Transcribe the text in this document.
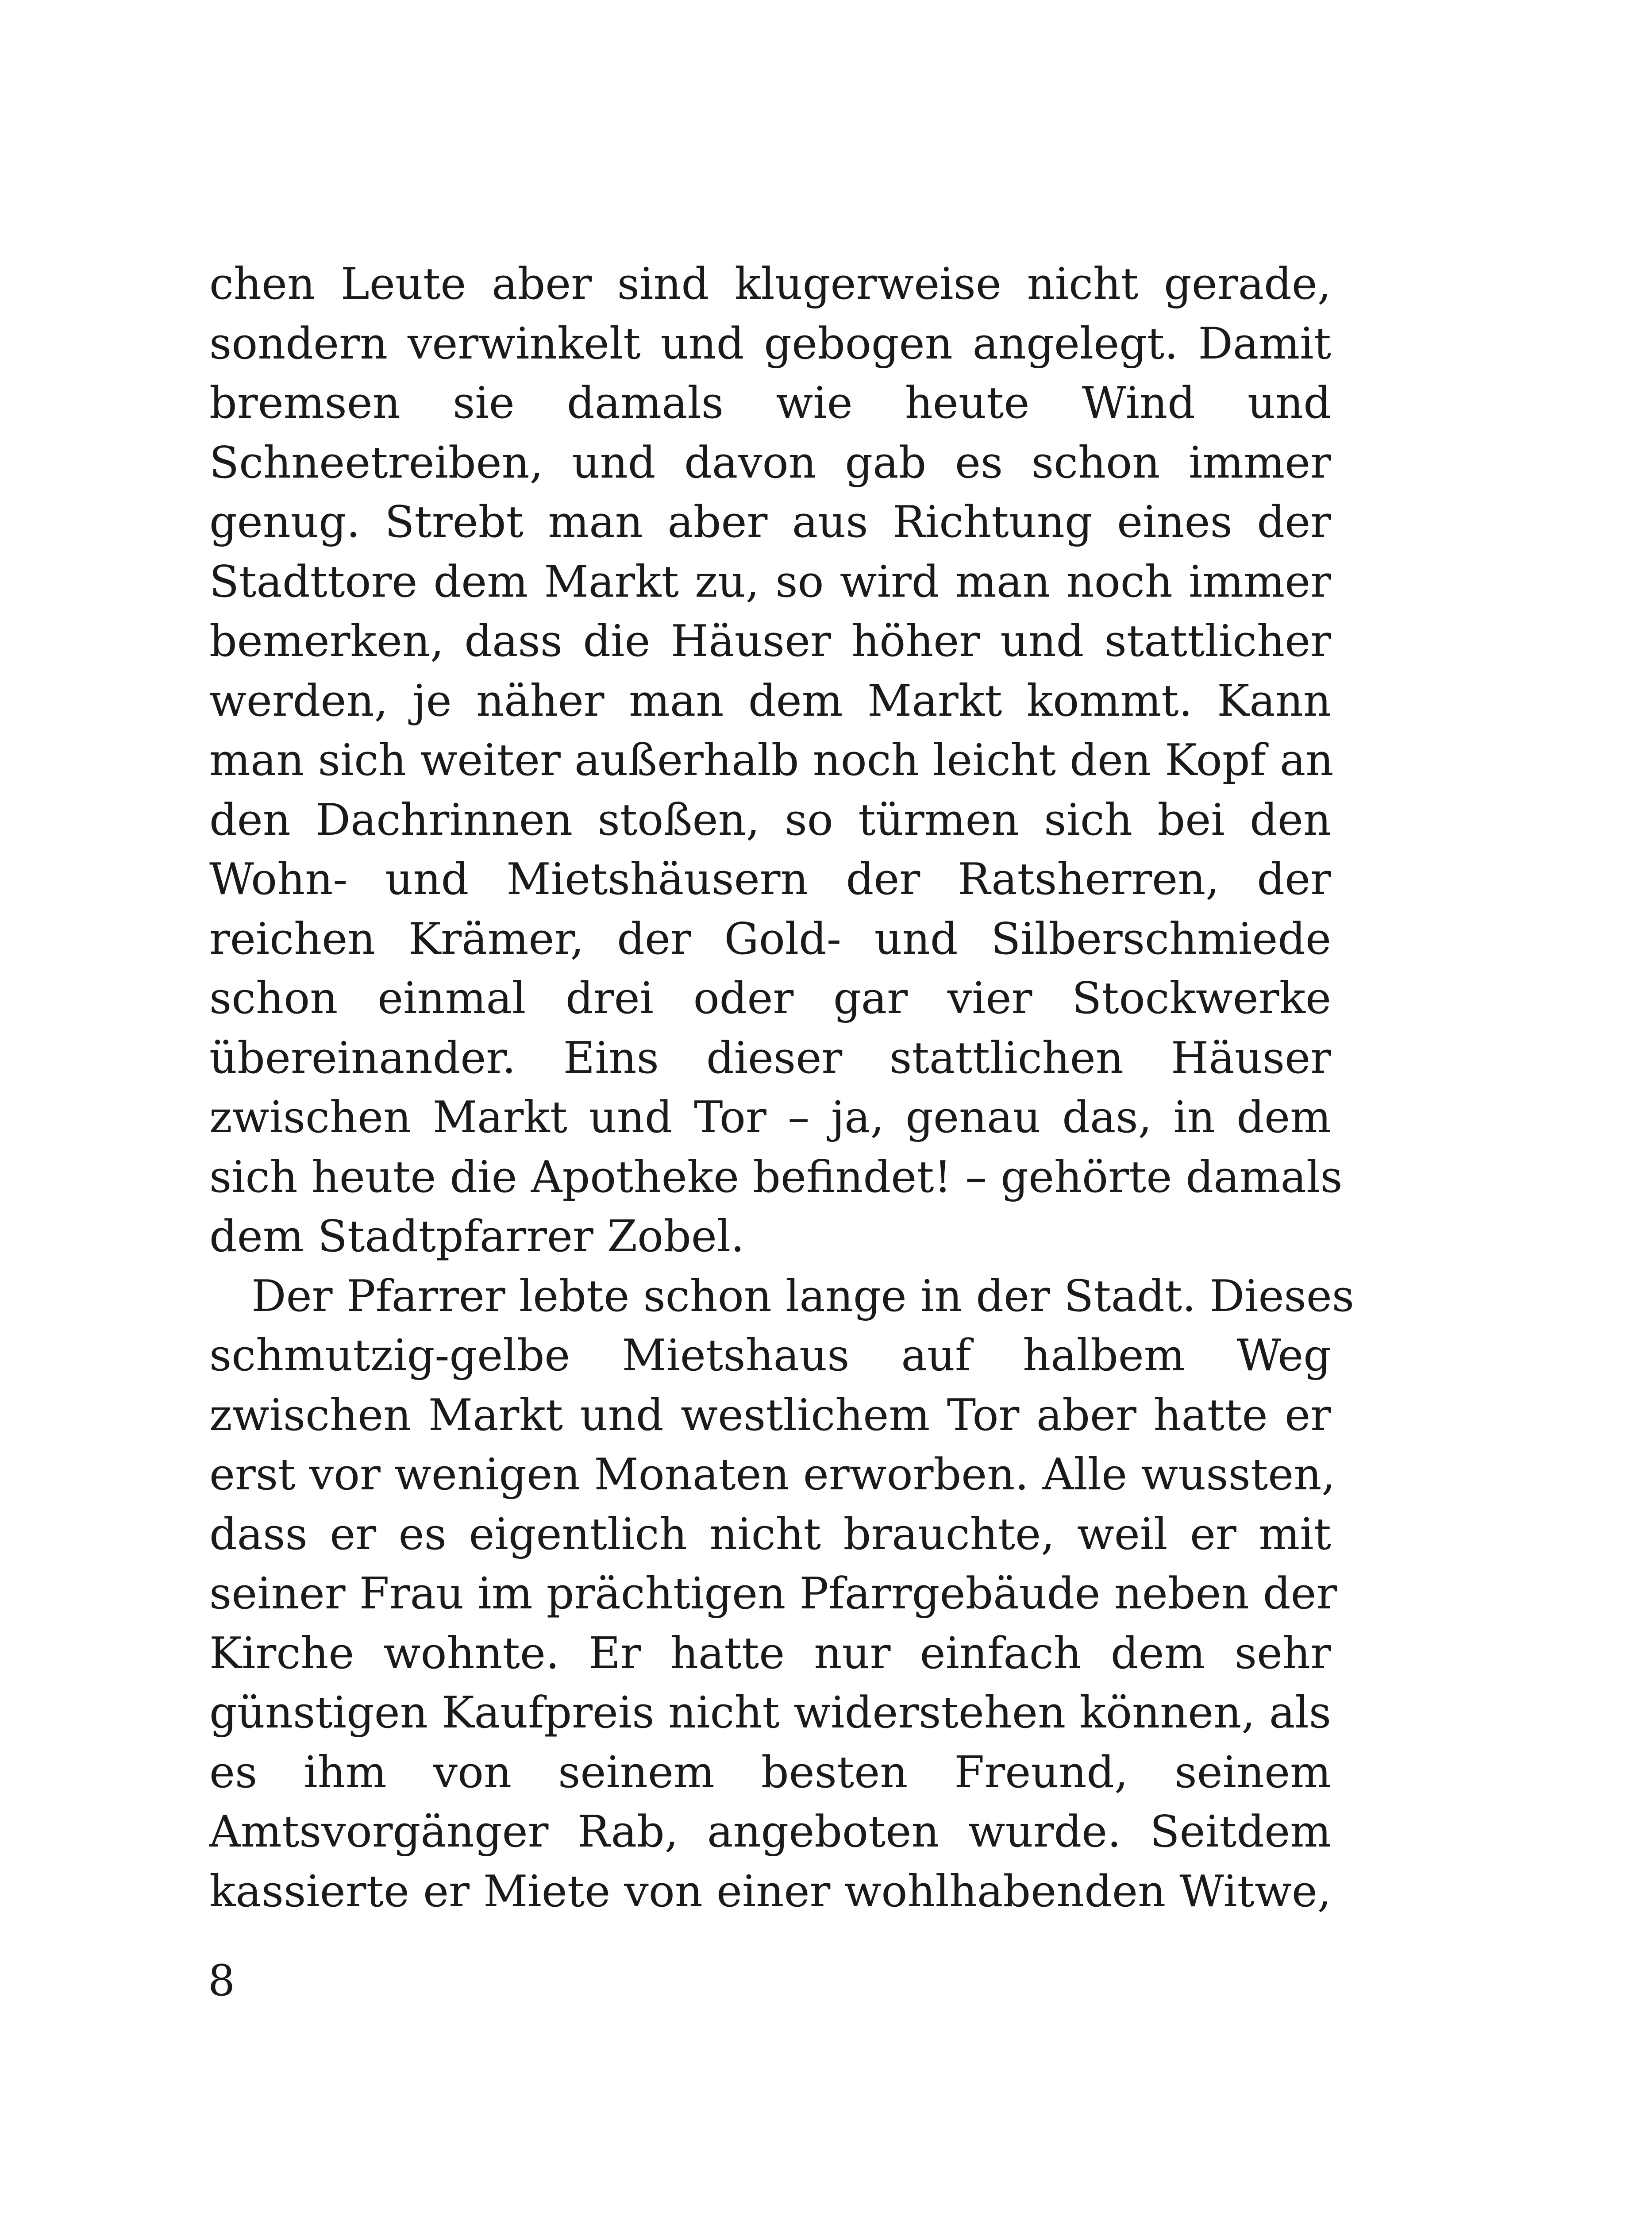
chen Leute aber sind klugerweise nicht gerade,
sondern verwinkelt und gebogen angelegt. Damit
bremsen sie damals wie heute Wind und
Schneetreiben, und davon gab es schon immer
genug. Strebt man aber aus Richtung eines der
Stadttore dem Markt zu, so wird man noch immer
bemerken, dass die Häuser höher und stattlicher
werden, je näher man dem Markt kommt. Kann
man sich weiter außerhalb noch leicht den Kopf an
den Dachrinnen stoßen, so türmen sich bei den
Wohn- und Mietshäusern der Ratsherren, der
reichen Krämer, der Gold- und Silberschmiede
schon einmal drei oder gar vier Stockwerke
übereinander. Eins dieser stattlichen Häuser
zwischen Markt und Tor – ja, genau das, in dem
sich heute die Apotheke befindet! – gehörte damals
dem Stadtpfarrer Zobel.
Der Pfarrer lebte schon lange in der Stadt. Dieses
schmutzig-gelbe Mietshaus auf halbem Weg
zwischen Markt und westlichem Tor aber hatte er
erst vor wenigen Monaten erworben. Alle wussten,
dass er es eigentlich nicht brauchte, weil er mit
seiner Frau im prächtigen Pfarrgebäude neben der
Kirche wohnte. Er hatte nur einfach dem sehr
günstigen Kaufpreis nicht widerstehen können, als
es ihm von seinem besten Freund, seinem
Amtsvorgänger Rab, angeboten wurde. Seitdem
kassierte er Miete von einer wohlhabenden Witwe,
8
